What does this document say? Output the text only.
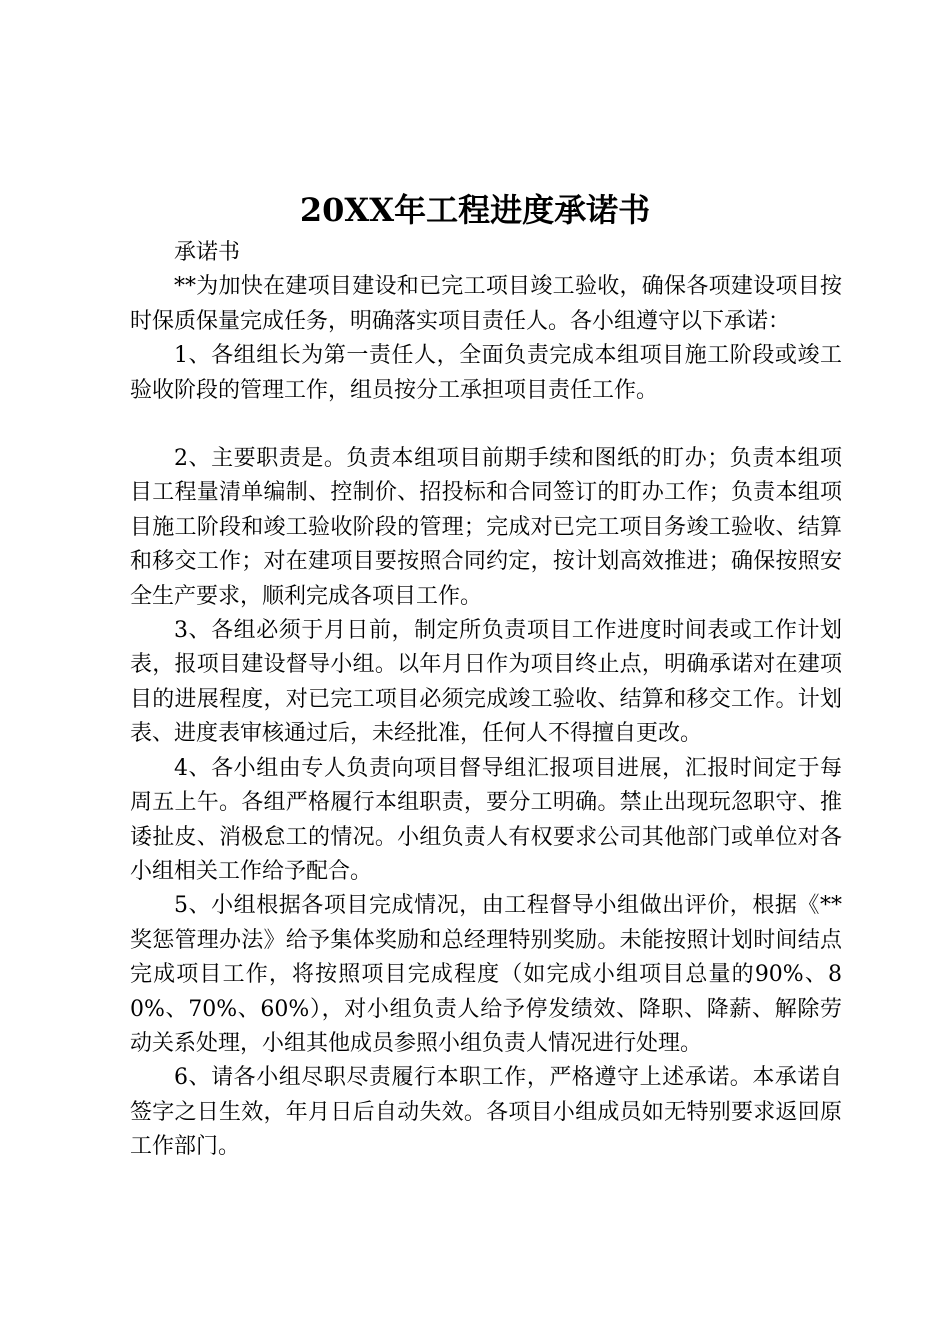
20XX年工程进度承诺书

承诺书

**为加快在建项目建设和已完工项目竣工验收，确保各项建设项目按时保质保量完成任务，明确落实项目责任人。各小组遵守以下承诺：

1、各组组长为第一责任人，全面负责完成本组项目施工阶段或竣工验收阶段的管理工作，组员按分工承担项目责任工作。

2、主要职责是。负责本组项目前期手续和图纸的盯办；负责本组项目工程量清单编制、控制价、招投标和合同签订的盯办工作；负责本组项目施工阶段和竣工验收阶段的管理；完成对已完工项目务竣工验收、结算和移交工作；对在建项目要按照合同约定，按计划高效推进；确保按照安全生产要求，顺利完成各项目工作。

3、各组必须于月日前，制定所负责项目工作进度时间表或工作计划表，报项目建设督导小组。以年月日作为项目终止点，明确承诺对在建项目的进展程度，对已完工项目必须完成竣工验收、结算和移交工作。计划表、进度表审核通过后，未经批准，任何人不得擅自更改。

4、各小组由专人负责向项目督导组汇报项目进展，汇报时间定于每周五上午。各组严格履行本组职责，要分工明确。禁止出现玩忽职守、推诿扯皮、消极怠工的情况。小组负责人有权要求公司其他部门或单位对各小组相关工作给予配合。

5、小组根据各项目完成情况，由工程督导小组做出评价，根据《**奖惩管理办法》给予集体奖励和总经理特别奖励。未能按照计划时间结点完成项目工作，将按照项目完成程度（如完成小组项目总量的90%、80%、70%、60%），对小组负责人给予停发绩效、降职、降薪、解除劳动关系处理，小组其他成员参照小组负责人情况进行处理。

6、请各小组尽职尽责履行本职工作，严格遵守上述承诺。本承诺自签字之日生效，年月日后自动失效。各项目小组成员如无特别要求返回原工作部门。
